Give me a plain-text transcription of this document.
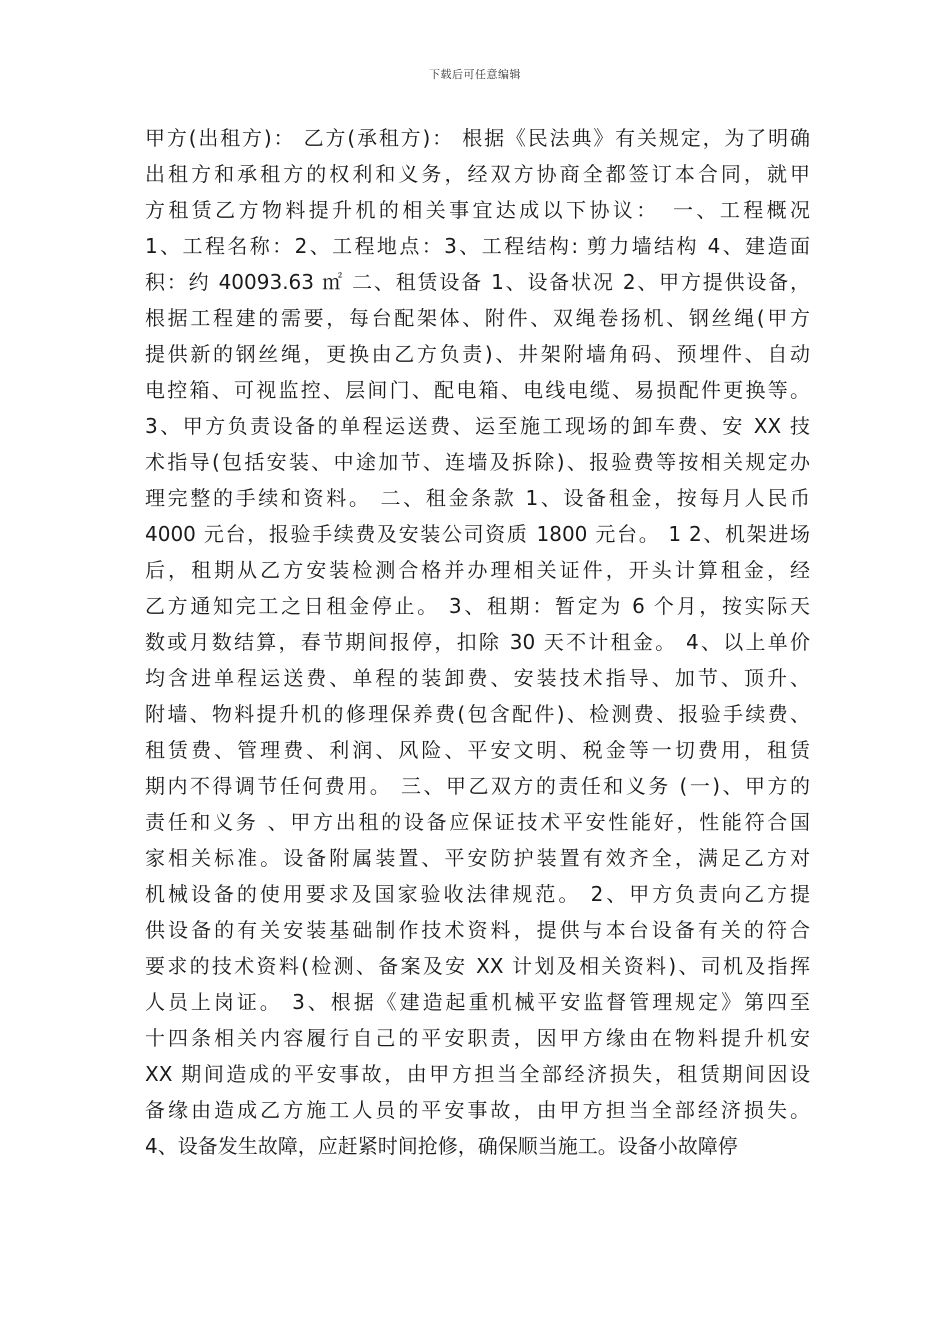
下载后可任意编辑
甲方(出租方)： 乙方(承租方)： 根据《民法典》有关规定，为了明确
出租方和承租方的权利和义务，经双方协商全都签订本合同，就甲
方租赁乙方物料提升机的相关事宜达成以下协议：　一、工程概况
1、工程名称：2、工程地点：3、工程结构: 剪力墙结构 4、建造面
积：约 40093.63 ㎡ 二、租赁设备 1、设备状况 2、甲方提供设备，
根据工程建的需要，每台配架体、附件、双绳卷扬机、钢丝绳(甲方
提供新的钢丝绳，更换由乙方负责)、井架附墙角码、预埋件、自动
电控箱、可视监控、层间门、配电箱、电线电缆、易损配件更换等。
3、甲方负责设备的单程运送费、运至施工现场的卸车费、安 XX 技
术指导(包括安装、中途加节、连墙及拆除)、报验费等按相关规定办
理完整的手续和资料。 二、租金条款 1、设备租金，按每月人民币
4000 元台，报验手续费及安装公司资质 1800 元台。 1 2、机架进场
后，租期从乙方安装检测合格并办理相关证件，开头计算租金，经
乙方通知完工之日租金停止。 3、租期：暂定为 6 个月，按实际天
数或月数结算，春节期间报停，扣除 30 天不计租金。 4、以上单价
均含进单程运送费、单程的装卸费、安装技术指导、加节、顶升、
附墙、物料提升机的修理保养费(包含配件)、检测费、报验手续费、
租赁费、管理费、利润、风险、平安文明、税金等一切费用，租赁
期内不得调节任何费用。 三、甲乙双方的责任和义务 (一)、甲方的
责任和义务 、甲方出租的设备应保证技术平安性能好，性能符合国
家相关标准。设备附属装置、平安防护装置有效齐全，满足乙方对
机械设备的使用要求及国家验收法律规范。 2、甲方负责向乙方提
供设备的有关安装基础制作技术资料，提供与本台设备有关的符合
要求的技术资料(检测、备案及安 XX 计划及相关资料)、司机及指挥
人员上岗证。 3、根据《建造起重机械平安监督管理规定》第四至
十四条相关内容履行自己的平安职责，因甲方缘由在物料提升机安
XX 期间造成的平安事故，由甲方担当全部经济损失，租赁期间因设
备缘由造成乙方施工人员的平安事故，由甲方担当全部经济损失。
4、设备发生故障，应赶紧时间抢修，确保顺当施工。设备小故障停
